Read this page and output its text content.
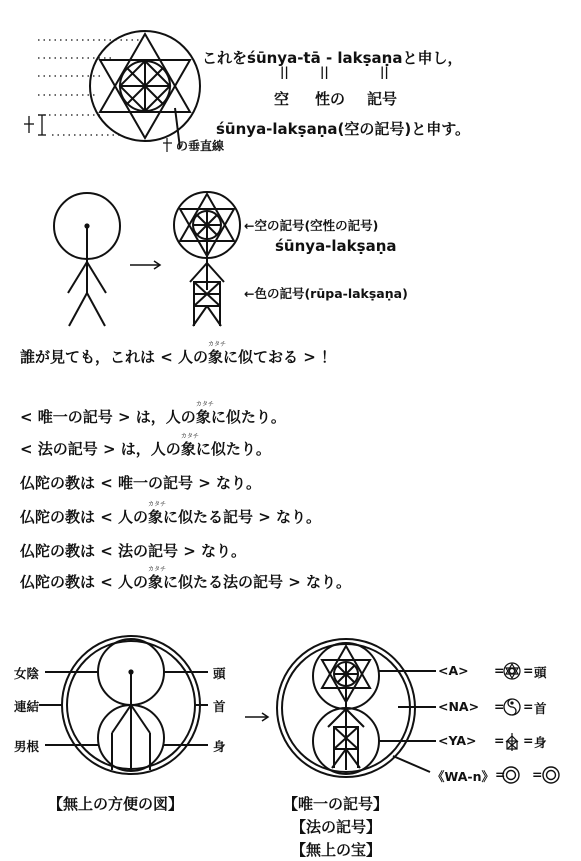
これをśūnya-tā - lakṣaṇaと申し，
||	||	||
空 性の 記号
śūnya-lakṣaṇa(空の記号)と申す。
の垂直線
←空の記号(空性の記号)
śūnya-lakṣaṇa
←色の記号(rūpa-lakṣaṇa)
誰が見ても，これは < 人の
カタチ
象に似ておる > ！
< 唯一の記号 > は，人の
カタチ
象に似たり。
< 法の記号 > は，人の
カタチ
象に似たり。
仏陀の教は < 唯一の記号 > なり。
仏陀の教は < 人の
カタチ
象に似たる記号 > なり。
仏陀の教は < 法の記号 > なり。
仏陀の教は < 人の
カタチ
象に似たる法の記号 > なり。
女陰
連結
男根
頭
首
身
【無上の方便の図】
<A> = = 頭
<NA> = = 首
<YA> = = 身
《WA-n》 = =
【唯一の記号】
【法の記号】
【無上の宝】
